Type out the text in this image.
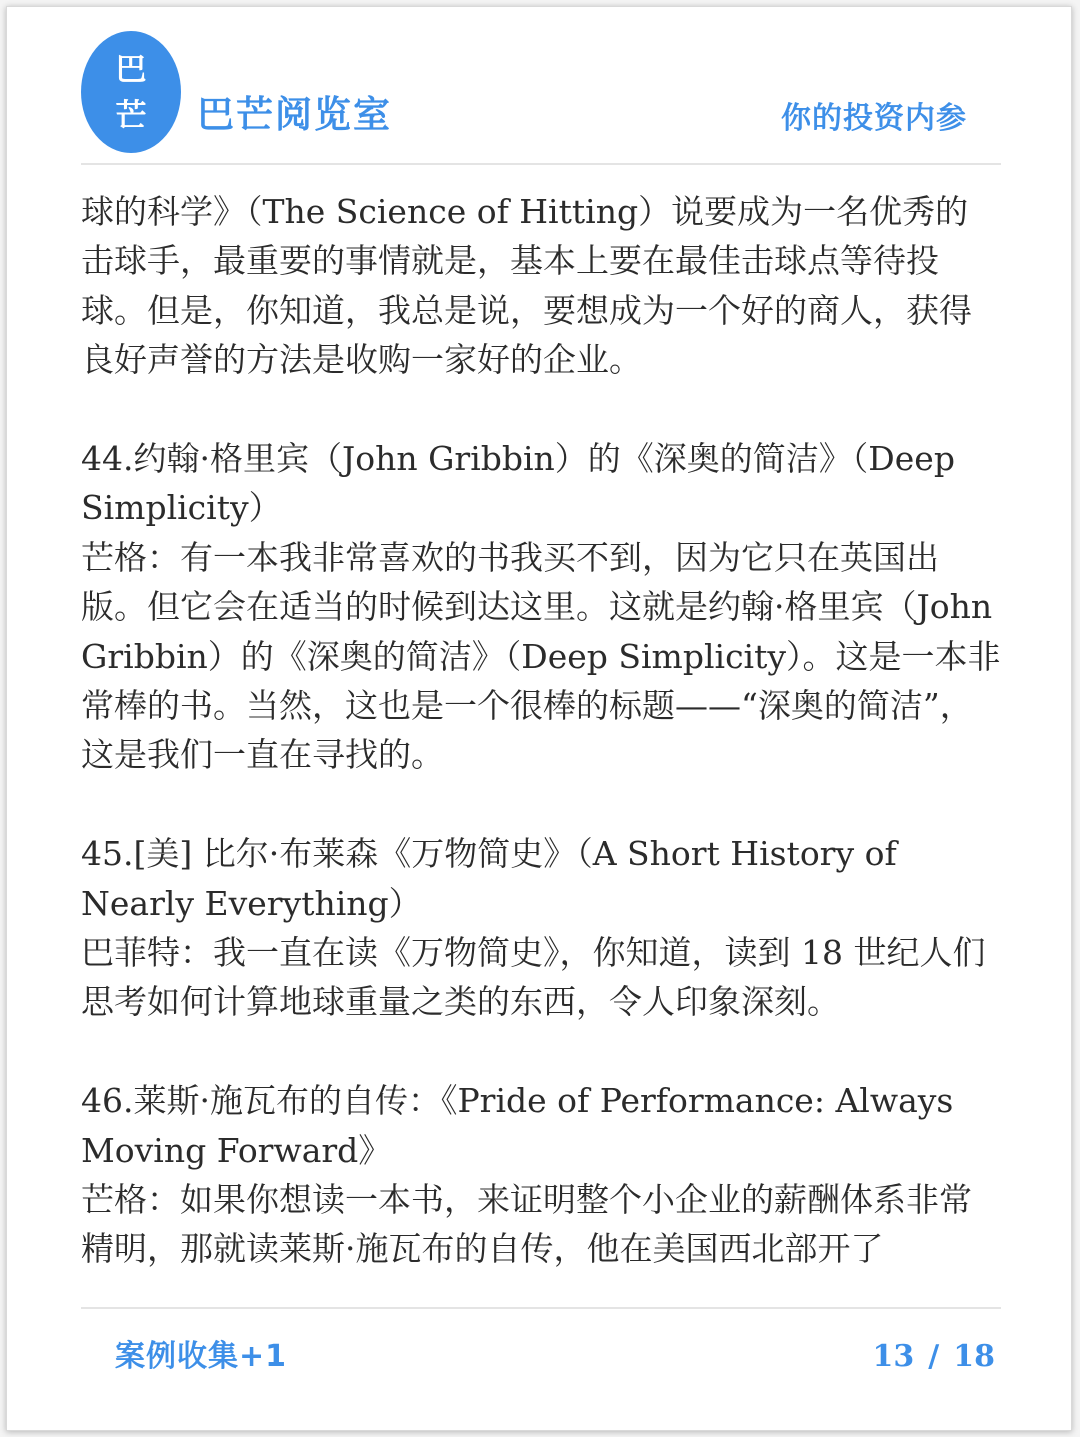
巴
芒	巴芒阅览室	你的投资内参

球的科学》（The Science of Hitting）说要成为一名优秀的击球手，最重要的事情就是，基本上要在最佳击球点等待投球。但是，你知道，我总是说，要想成为一个好的商人，获得良好声誉的方法是收购一家好的企业。

44.约翰·格里宾（John Gribbin）的《深奥的简洁》（Deep Simplicity）
芒格：有一本我非常喜欢的书我买不到，因为它只在英国出版。但它会在适当的时候到达这里。这就是约翰·格里宾（John Gribbin）的《深奥的简洁》（Deep Simplicity）。这是一本非常棒的书。当然，这也是一个很棒的标题——“深奥的简洁”，这是我们一直在寻找的。

45.[美] 比尔·布莱森《万物简史》（A Short History of Nearly Everything）
巴菲特：我一直在读《万物简史》，你知道，读到 18 世纪人们思考如何计算地球重量之类的东西，令人印象深刻。

46.莱斯·施瓦布的自传：《Pride of Performance: Always Moving Forward》
芒格：如果你想读一本书，来证明整个小企业的薪酬体系非常精明，那就读莱斯·施瓦布的自传，他在美国西北部开了

案例收集+1	13 / 18
